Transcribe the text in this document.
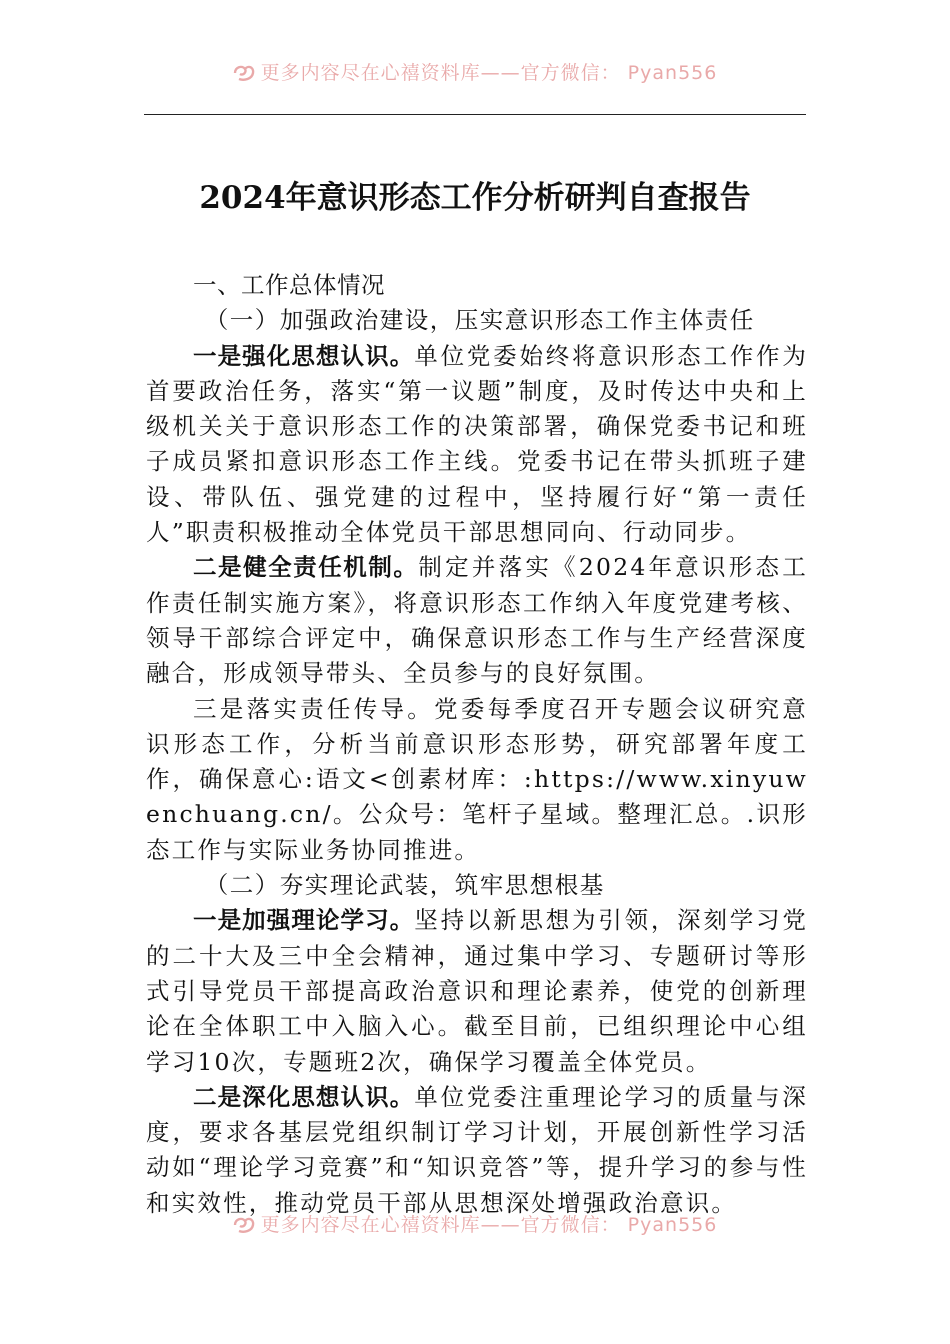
更多内容尽在心禧资料库——官方微信： Pyan556
2024年意识形态工作分析研判自查报告

一、工作总体情况

（一）加强政治建设，压实意识形态工作主体责任

一是强化思想认识。单位党委始终将意识形态工作作为首要政治任务，落实“第一议题”制度，及时传达中央和上级机关关于意识形态工作的决策部署，确保党委书记和班子成员紧扣意识形态工作主线。党委书记在带头抓班子建设、带队伍、强党建的过程中，坚持履行好“第一责任人”职责积极推动全体党员干部思想同向、行动同步。

二是健全责任机制。制定并落实《2024年意识形态工作责任制实施方案》，将意识形态工作纳入年度党建考核、领导干部综合评定中，确保意识形态工作与生产经营深度融合，形成领导带头、全员参与的良好氛围。

三是落实责任传导。党委每季度召开专题会议研究意识形态工作，分析当前意识形态形势，研究部署年度工作，确保意心:语文<创素材库：:https://www.xinyuwenchuang.cn/。公众号：笔杆子星域。整理汇总。.识形态工作与实际业务协同推进。

（二）夯实理论武装，筑牢思想根基

一是加强理论学习。坚持以新思想为引领，深刻学习党的二十大及三中全会精神，通过集中学习、专题研讨等形式引导党员干部提高政治意识和理论素养，使党的创新理论在全体职工中入脑入心。截至目前，已组织理论中心组学习10次，专题班2次，确保学习覆盖全体党员。

二是深化思想认识。单位党委注重理论学习的质量与深度，要求各基层党组织制订学习计划，开展创新性学习活动如“理论学习竞赛”和“知识竞答”等，提升学习的参与性和实效性，推动党员干部从思想深处增强政治意识。

更多内容尽在心禧资料库——官方微信： Pyan556
